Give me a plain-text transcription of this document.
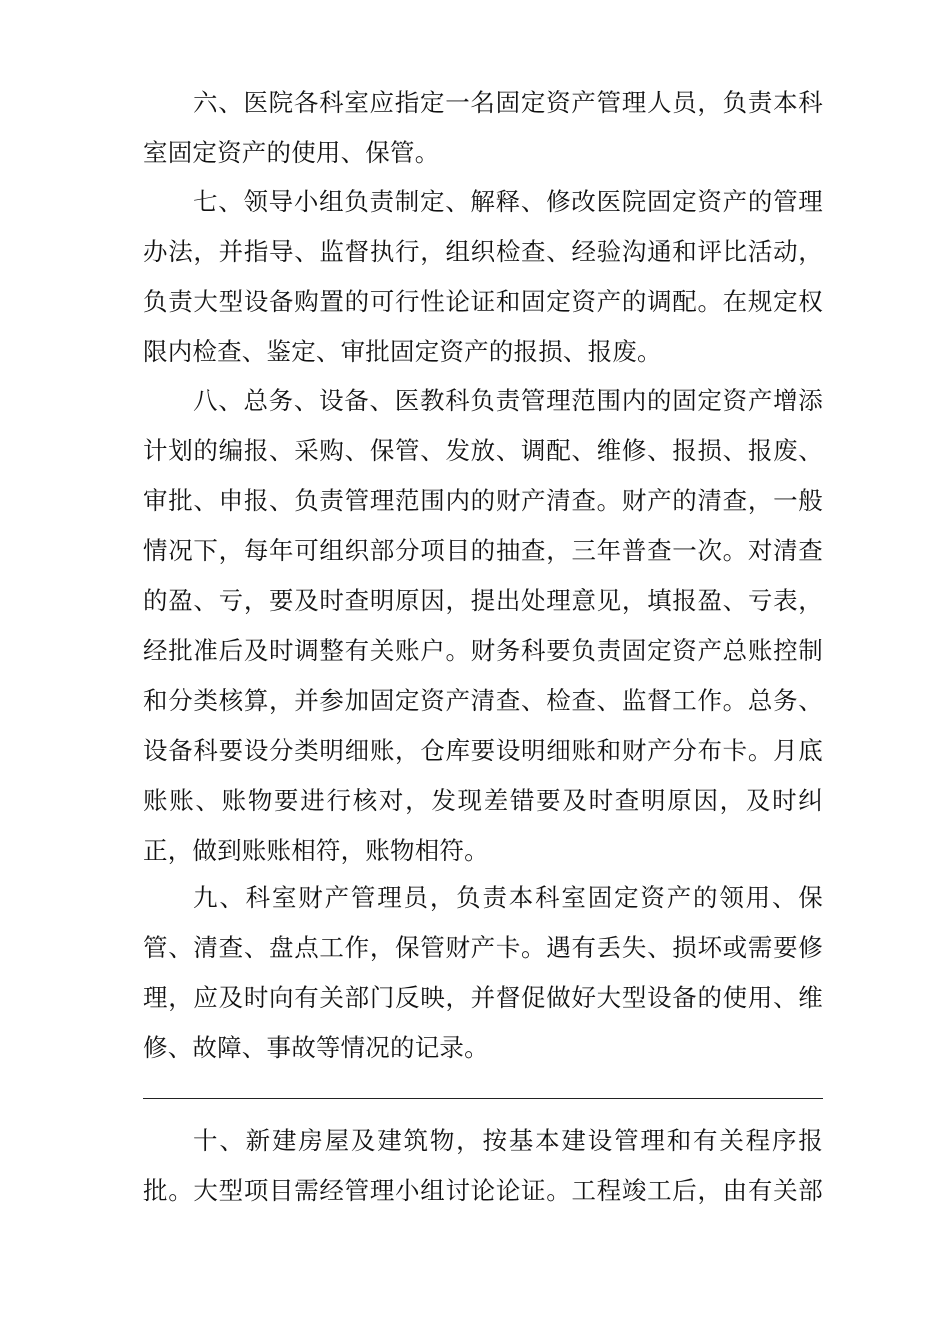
六、医院各科室应指定一名固定资产管理人员，负责本科
室固定资产的使用、保管。
七、领导小组负责制定、解释、修改医院固定资产的管理
办法，并指导、监督执行，组织检查、经验沟通和评比活动，
负责大型设备购置的可行性论证和固定资产的调配。在规定权
限内检查、鉴定、审批固定资产的报损、报废。
八、总务、设备、医教科负责管理范围内的固定资产增添
计划的编报、采购、保管、发放、调配、维修、报损、报废、
审批、申报、负责管理范围内的财产清查。财产的清查，一般
情况下，每年可组织部分项目的抽查，三年普查一次。对清查
的盈、亏，要及时查明原因，提出处理意见，填报盈、亏表，
经批准后及时调整有关账户。财务科要负责固定资产总账控制
和分类核算，并参加固定资产清查、检查、监督工作。总务、
设备科要设分类明细账，仓库要设明细账和财产分布卡。月底
账账、账物要进行核对，发现差错要及时查明原因，及时纠
正，做到账账相符，账物相符。
九、科室财产管理员，负责本科室固定资产的领用、保
管、清查、盘点工作，保管财产卡。遇有丢失、损坏或需要修
理，应及时向有关部门反映，并督促做好大型设备的使用、维
修、故障、事故等情况的记录。
十、新建房屋及建筑物，按基本建设管理和有关程序报
批。大型项目需经管理小组讨论论证。工程竣工后，由有关部
